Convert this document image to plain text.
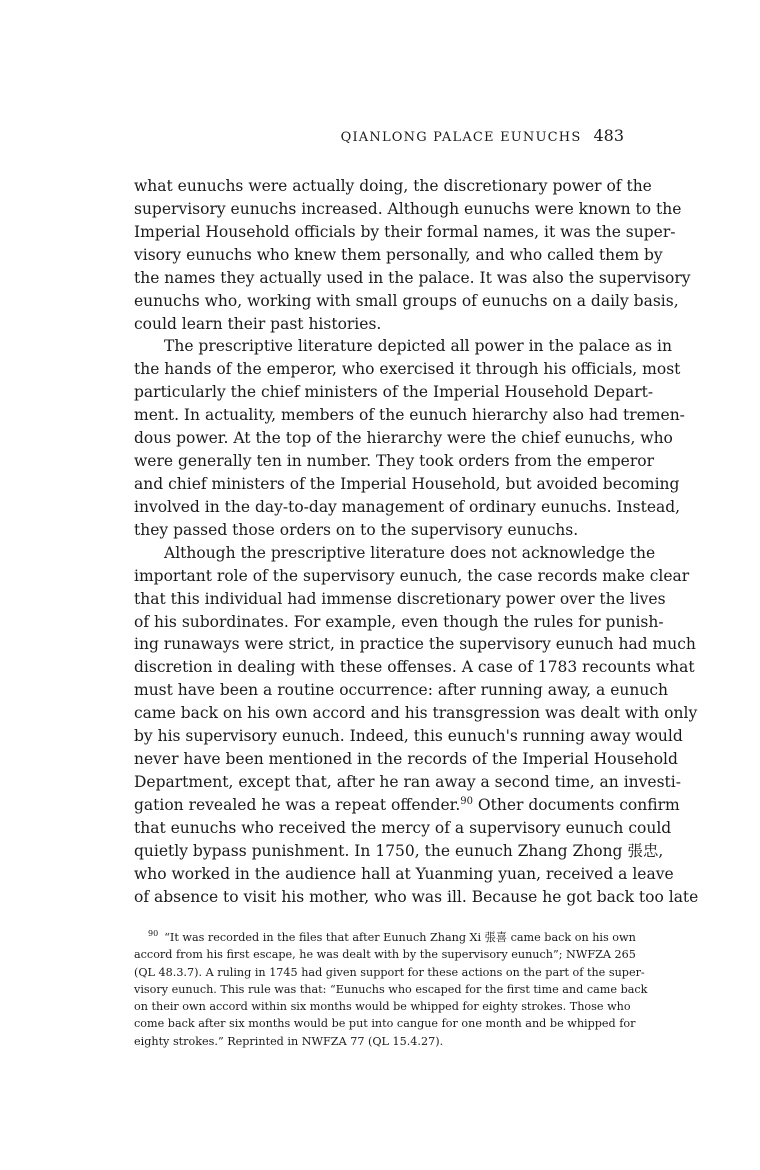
QIANLONG PALACE EUNUCHS 483
what eunuchs were actually doing, the discretionary power of the
supervisory eunuchs increased. Although eunuchs were known to the
Imperial Household officials by their formal names, it was the super-
visory eunuchs who knew them personally, and who called them by
the names they actually used in the palace. It was also the supervisory
eunuchs who, working with small groups of eunuchs on a daily basis,
could learn their past histories.
The prescriptive literature depicted all power in the palace as in
the hands of the emperor, who exercised it through his officials, most
particularly the chief ministers of the Imperial Household Depart-
ment. In actuality, members of the eunuch hierarchy also had tremen-
dous power. At the top of the hierarchy were the chief eunuchs, who
were generally ten in number. They took orders from the emperor
and chief ministers of the Imperial Household, but avoided becoming
involved in the day-to-day management of ordinary eunuchs. Instead,
they passed those orders on to the supervisory eunuchs.
Although the prescriptive literature does not acknowledge the
important role of the supervisory eunuch, the case records make clear
that this individual had immense discretionary power over the lives
of his subordinates. For example, even though the rules for punish-
ing runaways were strict, in practice the supervisory eunuch had much
discretion in dealing with these offenses. A case of 1783 recounts what
must have been a routine occurrence: after running away, a eunuch
came back on his own accord and his transgression was dealt with only
by his supervisory eunuch. Indeed, this eunuch's running away would
never have been mentioned in the records of the Imperial Household
Department, except that, after he ran away a second time, an investi-
gation revealed he was a repeat offender.$^{90}$ Other documents confirm
that eunuchs who received the mercy of a supervisory eunuch could
quietly bypass punishment. In 1750, the eunuch Zhang Zhong 張忠,
who worked in the audience hall at Yuanming yuan, received a leave
of absence to visit his mother, who was ill. Because he got back too late
$^{90}$ “It was recorded in the files that after Eunuch Zhang Xi 張喜 came back on his own
accord from his first escape, he was dealt with by the supervisory eunuch”; NWFZA 265
(QL 48.3.7). A ruling in 1745 had given support for these actions on the part of the super-
visory eunuch. This rule was that: “Eunuchs who escaped for the first time and came back
on their own accord within six months would be whipped for eighty strokes. Those who
come back after six months would be put into cangue for one month and be whipped for
eighty strokes.” Reprinted in NWFZA 77 (QL 15.4.27).
